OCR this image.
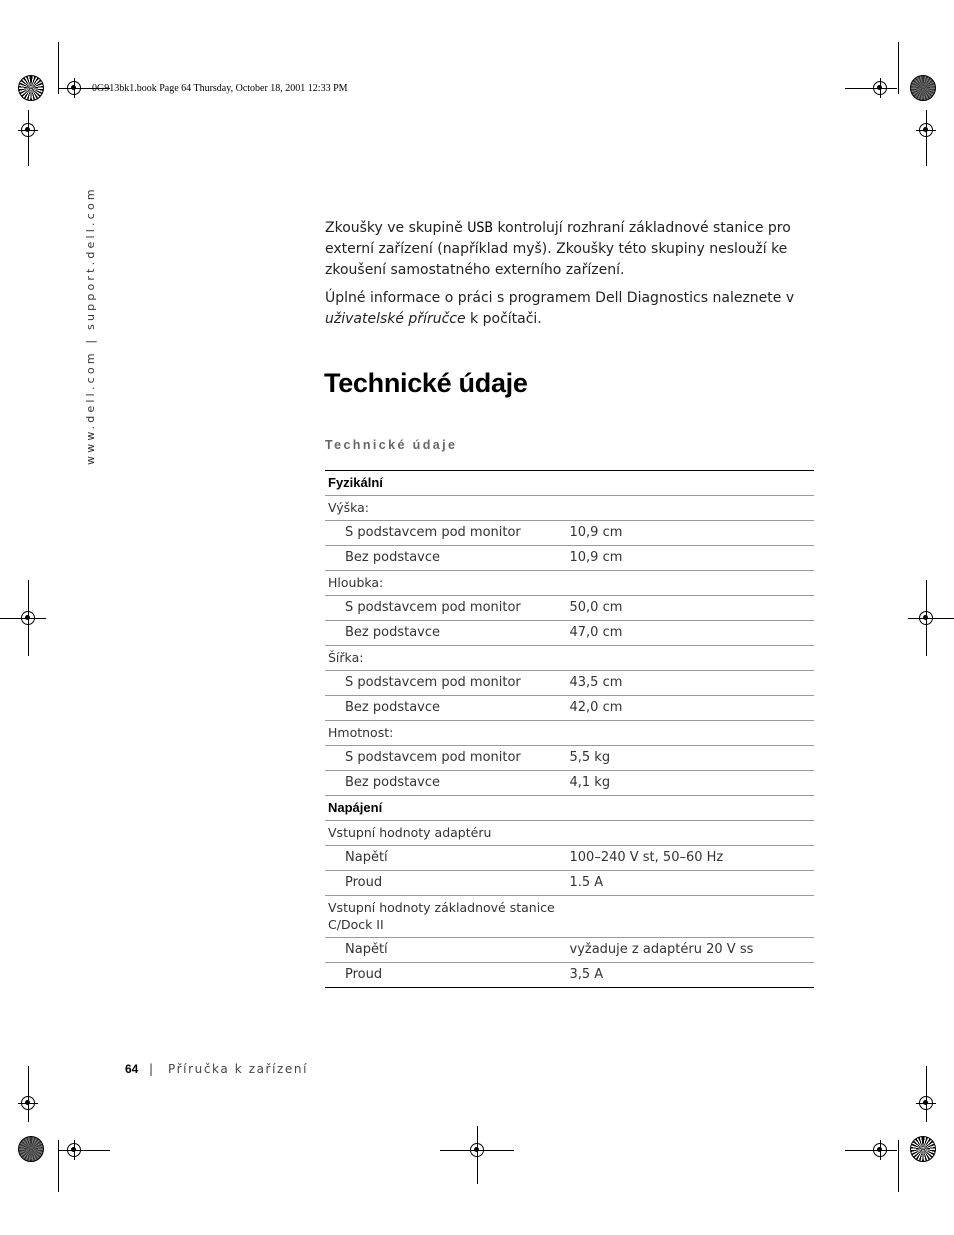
0G913bk1.book Page 64 Thursday, October 18, 2001 12:33 PM
www.dell.com | support.dell.com	Zkoušky ve skupině USB kontrolují rozhraní základnové stanice pro externí zařízení (například myš). Zkoušky této skupiny neslouží ke zkoušení samostatného externího zařízení.
Úplné informace o práci s programem Dell Diagnostics naleznete v uživatelské příručce k počítači.
Technické údaje
Technické údaje
Fyzikální	
Výška:	
S podstavcem pod monitor	10,9 cm
Bez podstavce	10,9 cm
Hloubka:	
S podstavcem pod monitor	50,0 cm
Bez podstavce	47,0 cm
Šířka:	
S podstavcem pod monitor	43,5 cm
Bez podstavce	42,0 cm
Hmotnost:	
S podstavcem pod monitor	5,5 kg
Bez podstavce	4,1 kg
Napájení	
Vstupní hodnoty adaptéru	
Napětí	100–240 V st, 50–60 Hz
Proud	1.5 A
Vstupní hodnoty základnové stanice C/Dock II	
Napětí	vyžaduje z adaptéru 20 V ss
Proud	3,5 A
64 | Příručka k zařízení
